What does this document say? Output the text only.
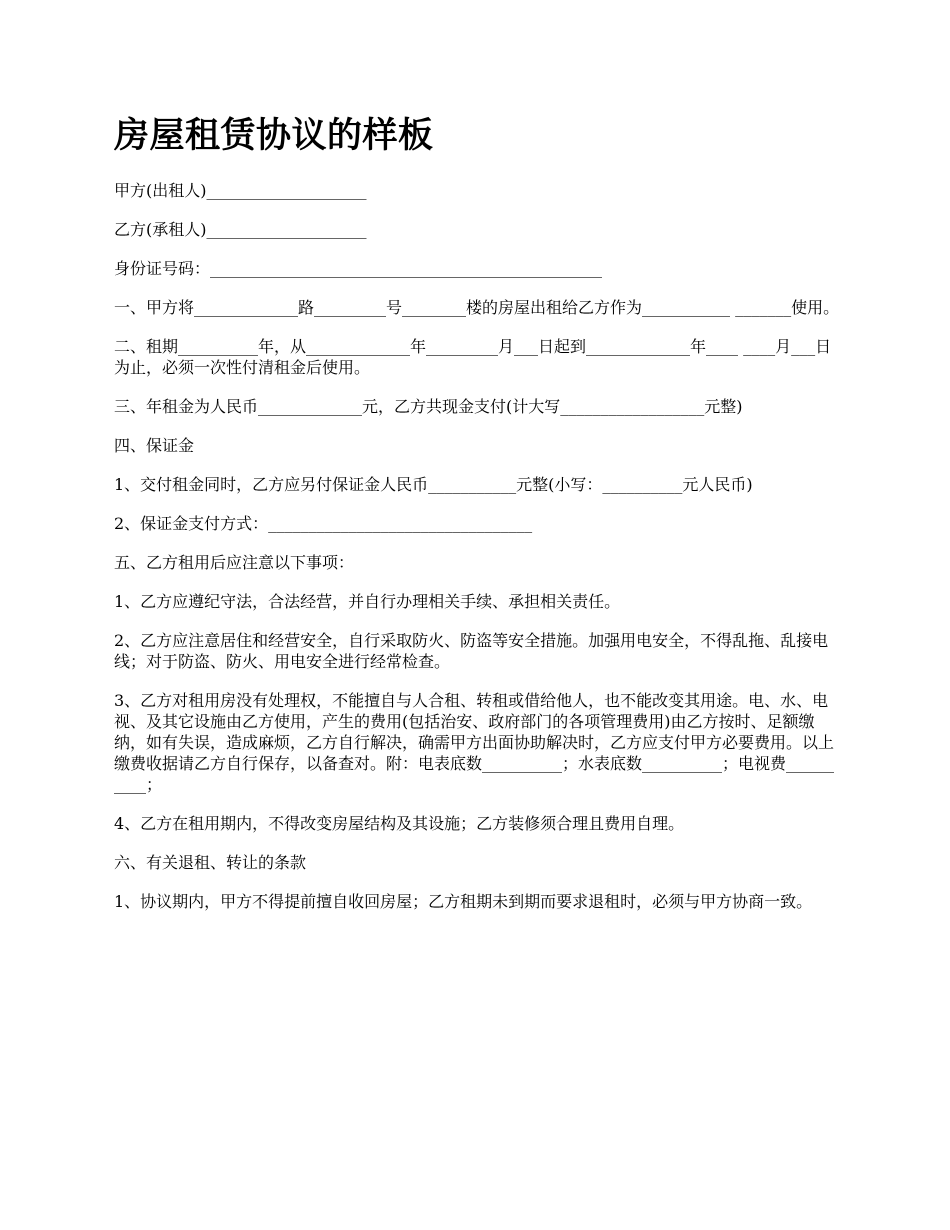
房屋租赁协议的样板

甲方(出租人)____________________

乙方(承租人)____________________

身份证号码：_________________________________________________

一、甲方将_____________路_________号________楼的房屋出租给乙方作为___________ _______使用。

二、租期__________年，从_____________年_________月___日起到_____________年____ ____月___日为止，必须一次性付清租金后使用。

三、年租金为人民币_____________元，乙方共现金支付(计大写__________________元整)

四、保证金

1、交付租金同时，乙方应另付保证金人民币___________元整(小写：__________元人民币)

2、保证金支付方式：_________________________________

五、乙方租用后应注意以下事项：

1、乙方应遵纪守法，合法经营，并自行办理相关手续、承担相关责任。

2、乙方应注意居住和经营安全，自行采取防火、防盗等安全措施。加强用电安全，不得乱拖、乱接电线；对于防盗、防火、用电安全进行经常检查。

3、乙方对租用房没有处理权，不能擅自与人合租、转租或借给他人，也不能改变其用途。电、水、电视、及其它设施由乙方使用，产生的费用(包括治安、政府部门的各项管理费用)由乙方按时、足额缴纳，如有失误，造成麻烦，乙方自行解决，确需甲方出面协助解决时，乙方应支付甲方必要费用。以上缴费收据请乙方自行保存，以备查对。附：电表底数__________；水表底数__________；电视费__________；

4、乙方在租用期内，不得改变房屋结构及其设施；乙方装修须合理且费用自理。

六、有关退租、转让的条款

1、协议期内，甲方不得提前擅自收回房屋；乙方租期未到期而要求退租时，必须与甲方协商一致。
